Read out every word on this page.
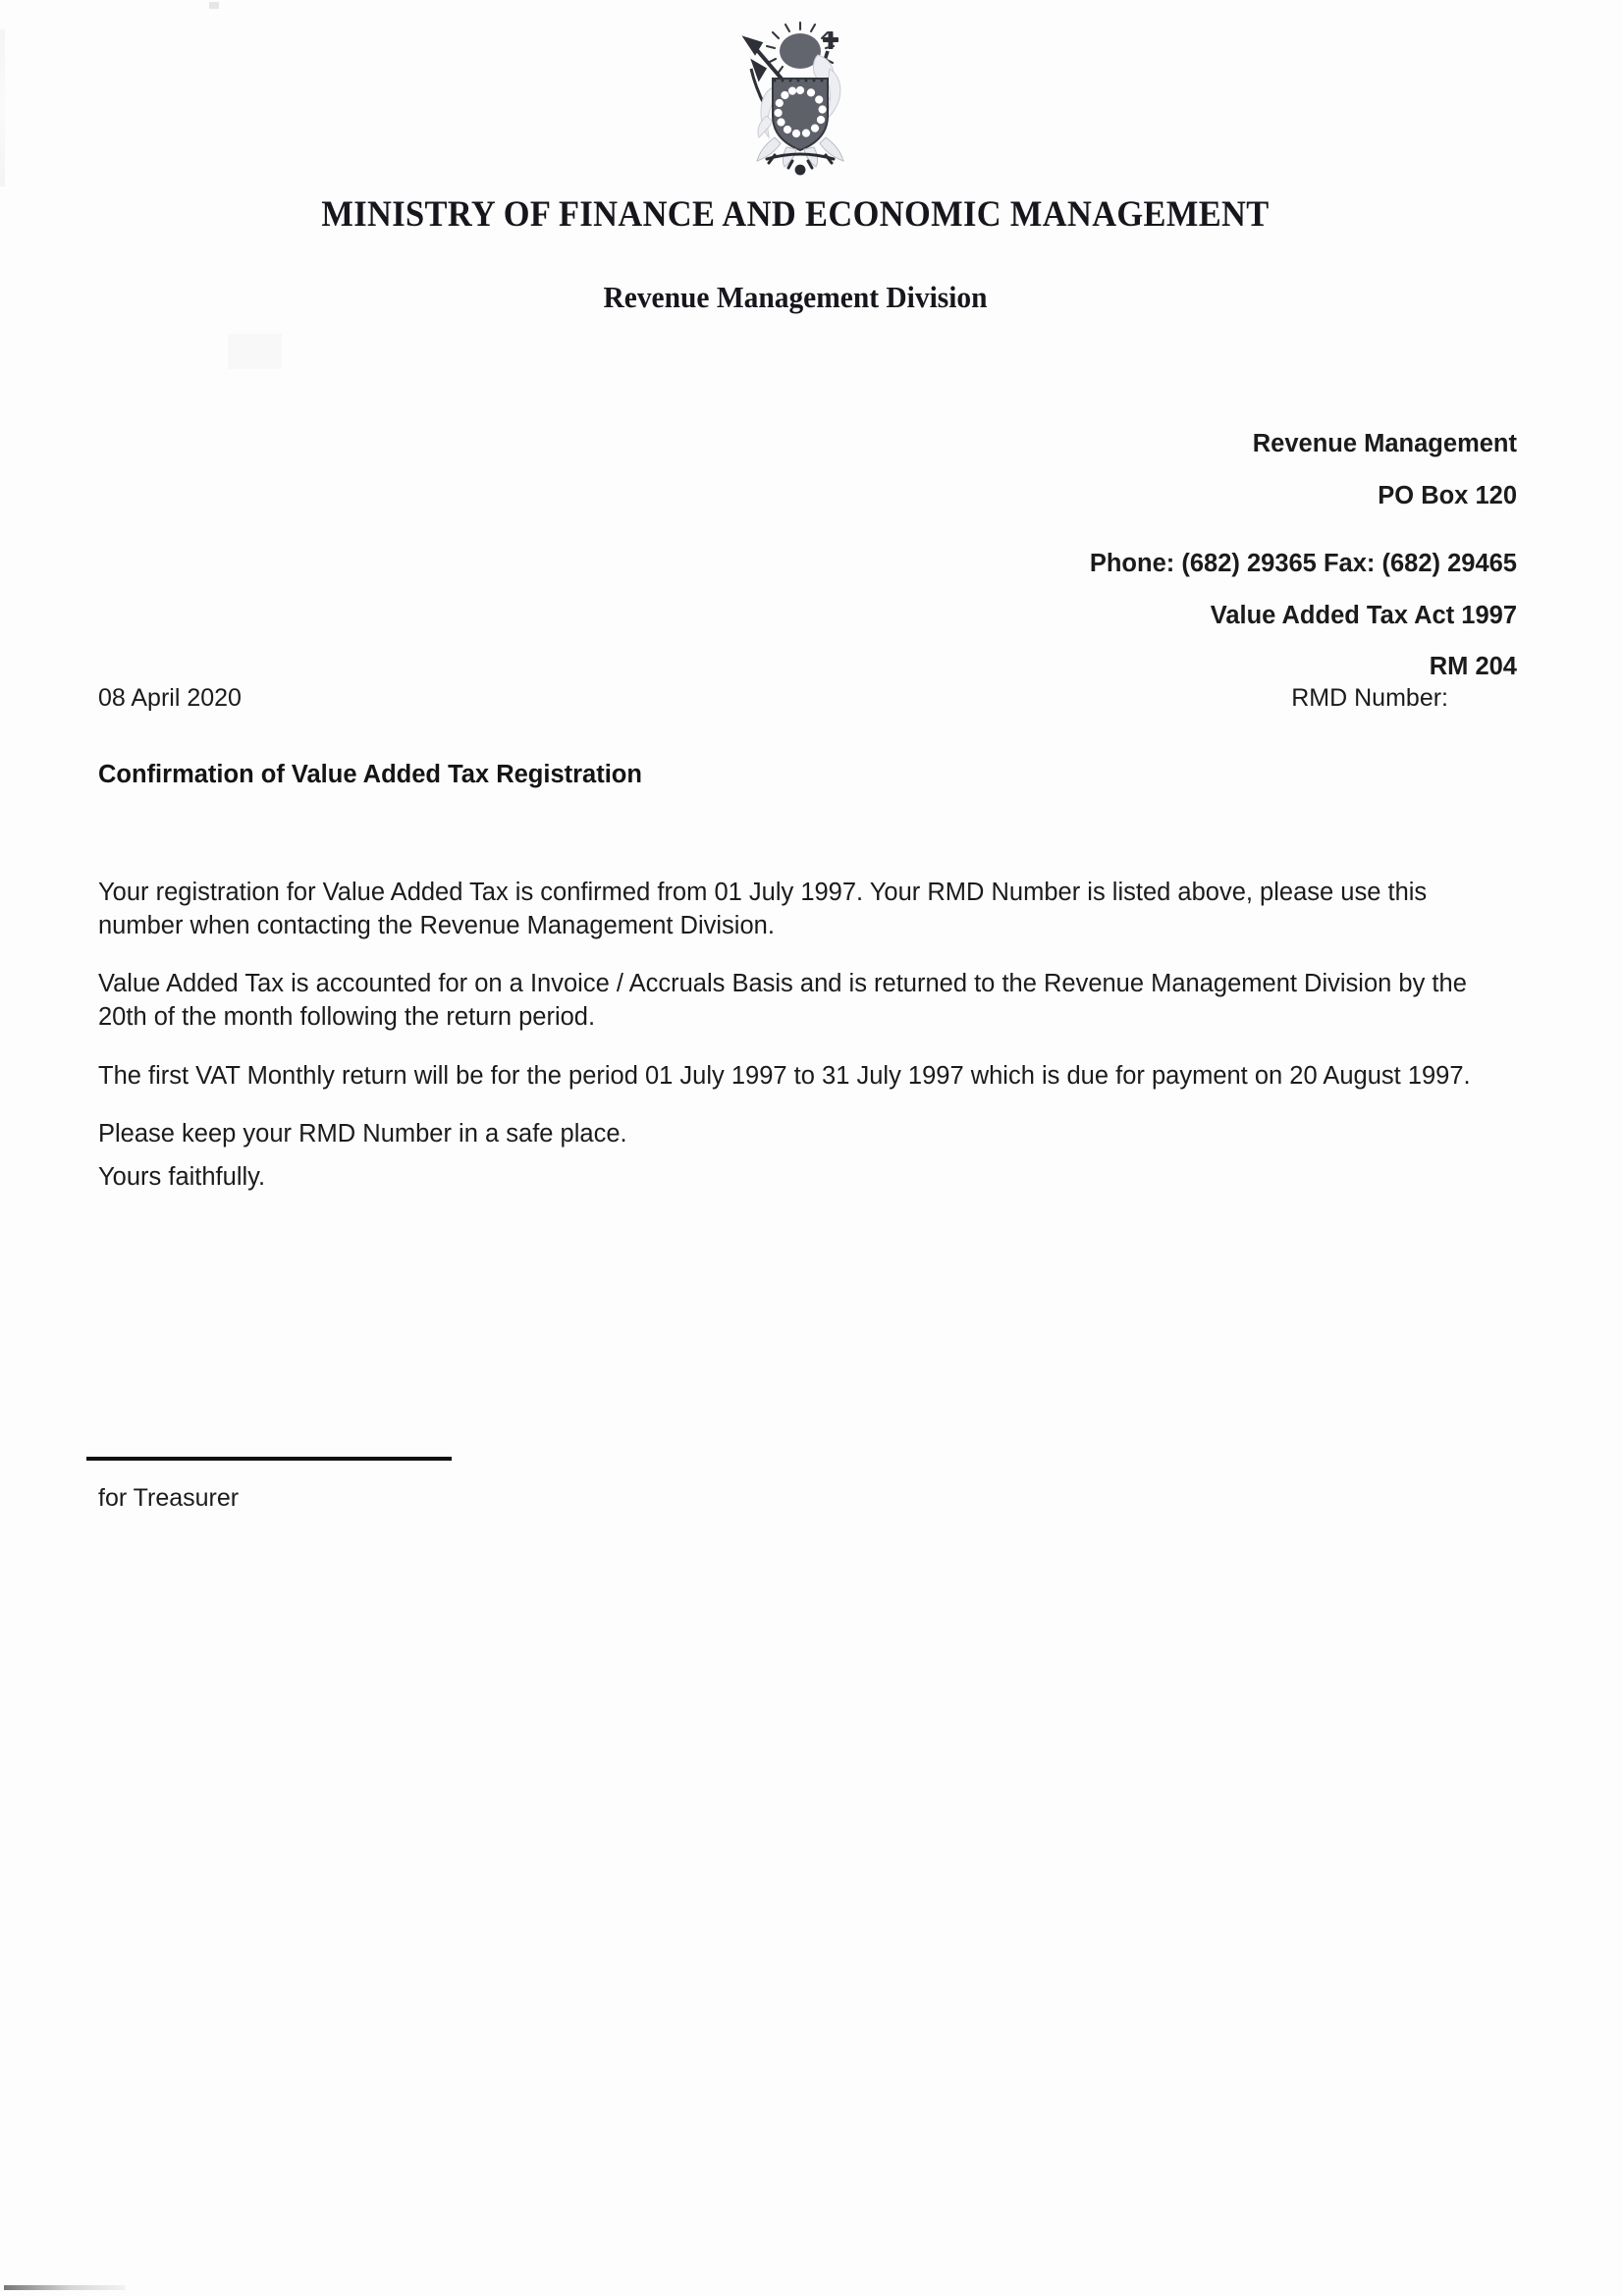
MINISTRY OF FINANCE AND ECONOMIC MANAGEMENT
Revenue Management Division
Revenue Management
PO Box 120
Phone: (682) 29365 Fax: (682) 29465
Value Added Tax Act 1997
RM 204
08 April 2020	RMD Number:
Confirmation of Value Added Tax Registration

Your registration for Value Added Tax is confirmed from 01 July 1997. Your RMD Number is listed above, please use this number when contacting the Revenue Management Division.

Value Added Tax is accounted for on a Invoice / Accruals Basis and is returned to the Revenue Management Division by the 20th of the month following the return period.

The first VAT Monthly return will be for the period 01 July 1997 to 31 July 1997 which is due for payment on 20 August 1997.

Please keep your RMD Number in a safe place.

Yours faithfully.

for Treasurer
